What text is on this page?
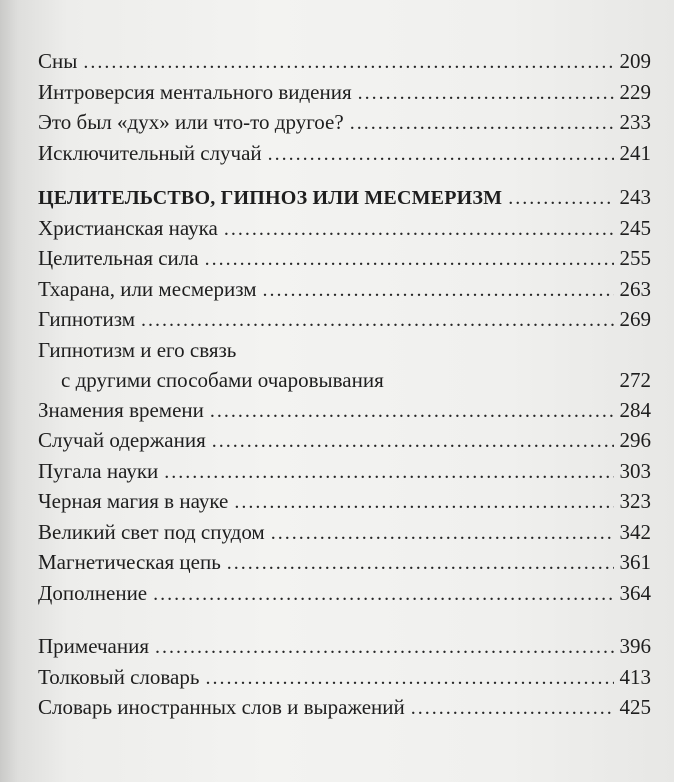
Сны . . .	209
Интроверсия ментального видения . . .	229
Это был «дух» или что-то другое? . . .	233
Исключительный случай . . .	241
ЦЕЛИТЕЛЬСТВО, ГИПНОЗ ИЛИ МЕСМЕРИЗМ . . .	243
Христианская наука . . .	245
Целительная сила . . .	255
Тхарана, или месмеризм . . .	263
Гипнотизм . . .	269
Гипнотизм и его связь
с другими способами очаровывания	272
Знамения времени . . .	284
Случай одержания . . .	296
Пугала науки . . .	303
Черная магия в науке . . .	323
Великий свет под спудом . . .	342
Магнетическая цепь . . .	361
Дополнение . . .	364
Примечания . . .	396
Толковый словарь . . .	413
Словарь иностранных слов и выражений . . .	425
